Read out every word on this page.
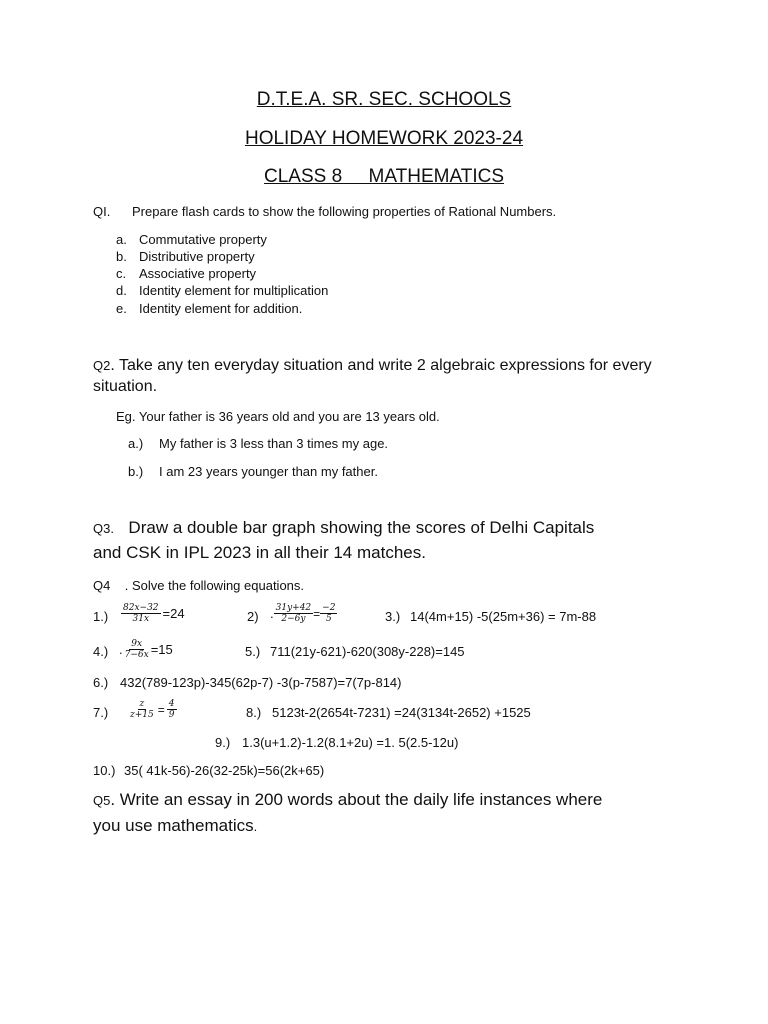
D.T.E.A. SR. SEC. SCHOOLS
HOLIDAY HOMEWORK 2023-24
CLASS 8     MATHEMATICS
QI. Prepare flash cards to show the following properties of Rational Numbers.
a. Commutative property
b. Distributive property
c. Associative property
d. Identity element for multiplication
e. Identity element for addition.
Q2. Take any ten everyday situation and write 2 algebraic expressions for every
situation.
Eg. Your father is 36 years old and you are 13 years old.
a.) My father is 3 less than 3 times my age.
b.) I am 23 years younger than my father.
Q3. Draw a double bar graph showing the scores of Delhi Capitals
and CSK in IPL 2023 in all their 14 matches.
Q4    . Solve the following equations.
$1.) \frac{82x-32}{31x} =24$	2) . $\frac{31y+42}{2-6y} = \frac{-2}{5}$	3.) 14(4m+15) -5(25m+36) = 7m-88
4.) . $\frac{9x}{7-6x} =15$	5.) 711(21y-621)-620(308y-228)=145
6.) 432(789-123p)-345(62p-7) -3(p-7587)=7(7p-814)
$7.) \frac{z}{z+15} = \frac{4}{9}$	8.) 5123t-2(2654t-7231) =24(3134t-2652) +1525
9.) 1.3(u+1.2)-1.2(8.1+2u) =1. 5(2.5-12u)
10.) 35( 41k-56)-26(32-25k)=56(2k+65)
Q5. Write an essay in 200 words about the daily life instances where
you use mathematics.
